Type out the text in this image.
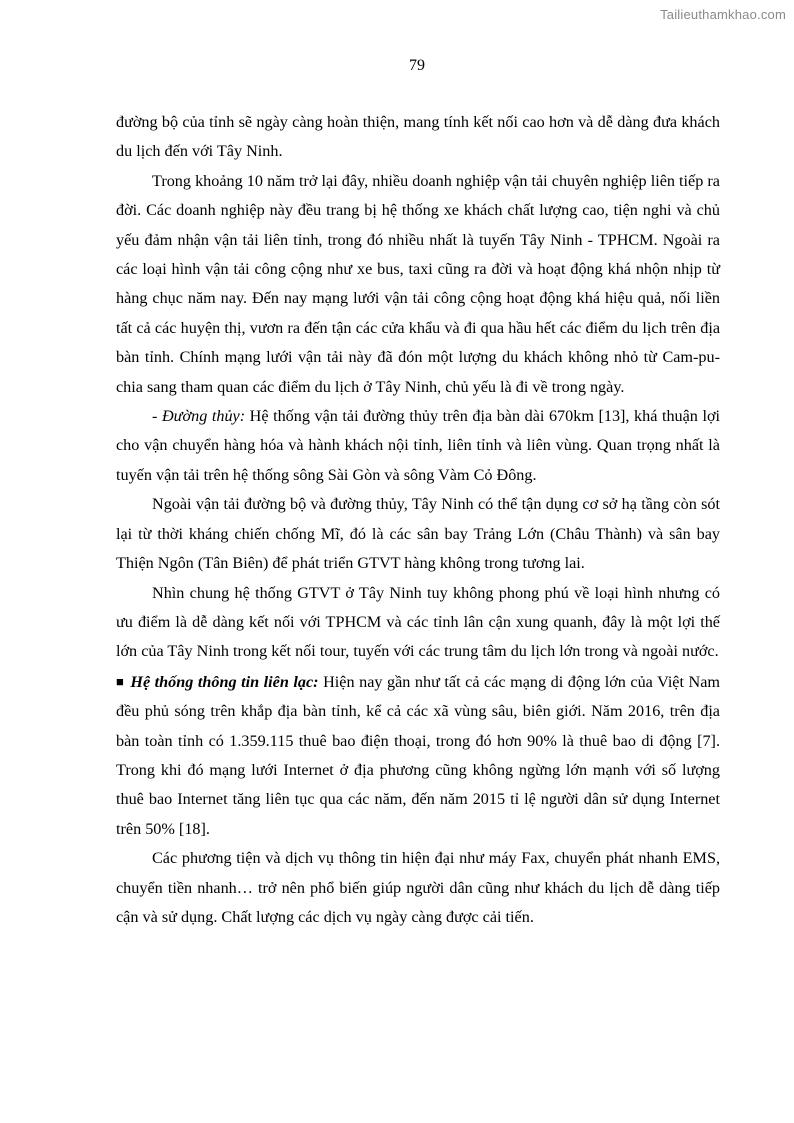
Tailieuthamkhao.com
79

đường bộ của tỉnh sẽ ngày càng hoàn thiện, mang tính kết nối cao hơn và dễ dàng đưa khách du lịch đến với Tây Ninh.

Trong khoảng 10 năm trở lại đây, nhiều doanh nghiệp vận tải chuyên nghiệp liên tiếp ra đời. Các doanh nghiệp này đều trang bị hệ thống xe khách chất lượng cao, tiện nghi và chủ yếu đảm nhận vận tải liên tỉnh, trong đó nhiều nhất là tuyến Tây Ninh - TPHCM. Ngoài ra các loại hình vận tải công cộng như xe bus, taxi cũng ra đời và hoạt động khá nhộn nhịp từ hàng chục năm nay. Đến nay mạng lưới vận tải công cộng hoạt động khá hiệu quả, nối liền tất cả các huyện thị, vươn ra đến tận các cửa khẩu và đi qua hầu hết các điểm du lịch trên địa bàn tỉnh. Chính mạng lưới vận tải này đã đón một lượng du khách không nhỏ từ Cam-pu-chia sang tham quan các điểm du lịch ở Tây Ninh, chủ yếu là đi về trong ngày.

- Đường thủy: Hệ thống vận tải đường thủy trên địa bàn dài 670km [13], khá thuận lợi cho vận chuyển hàng hóa và hành khách nội tỉnh, liên tỉnh và liên vùng. Quan trọng nhất là tuyến vận tải trên hệ thống sông Sài Gòn và sông Vàm Cỏ Đông.

Ngoài vận tải đường bộ và đường thủy, Tây Ninh có thể tận dụng cơ sở hạ tầng còn sót lại từ thời kháng chiến chống Mĩ, đó là các sân bay Trảng Lớn (Châu Thành) và sân bay Thiện Ngôn (Tân Biên) để phát triển GTVT hàng không trong tương lai.

Nhìn chung hệ thống GTVT ở Tây Ninh tuy không phong phú về loại hình nhưng có ưu điểm là dễ dàng kết nối với TPHCM và các tỉnh lân cận xung quanh, đây là một lợi thế lớn của Tây Ninh trong kết nối tour, tuyến với các trung tâm du lịch lớn trong và ngoài nước.

■ Hệ thống thông tin liên lạc: Hiện nay gần như tất cả các mạng di động lớn của Việt Nam đều phủ sóng trên khắp địa bàn tỉnh, kể cả các xã vùng sâu, biên giới. Năm 2016, trên địa bàn toàn tỉnh có 1.359.115 thuê bao điện thoại, trong đó hơn 90% là thuê bao di động [7]. Trong khi đó mạng lưới Internet ở địa phương cũng không ngừng lớn mạnh với số lượng thuê bao Internet tăng liên tục qua các năm, đến năm 2015 tỉ lệ người dân sử dụng Internet trên 50% [18].

Các phương tiện và dịch vụ thông tin hiện đại như máy Fax, chuyển phát nhanh EMS, chuyển tiền nhanh… trở nên phổ biến giúp người dân cũng như khách du lịch dễ dàng tiếp cận và sử dụng. Chất lượng các dịch vụ ngày càng được cải tiến.
